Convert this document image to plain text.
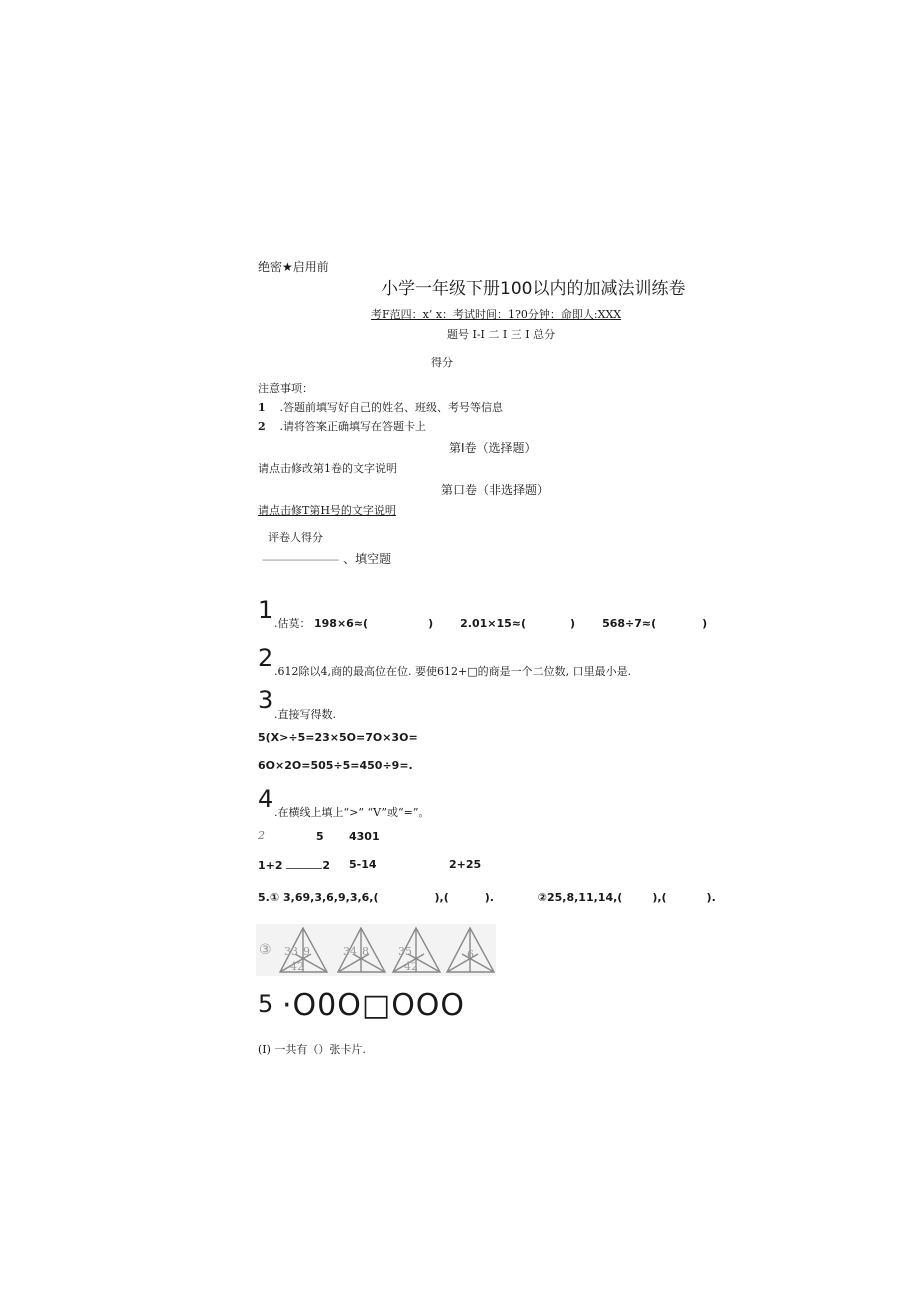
绝密★启用前
小学一年级下册100以内的加减法训练卷
考F范四：x’ x：考试时间：1?0分钟：命即人:XXX
题号 I-I 二 I 三 I 总分
得分
注意事项：
1 .答题前填写好自己的姓名、班级、考号等信息
2 .请将答案正确填写在答题卡上
第I卷（选择题）
请点击修改第1卷的文字说明
第口卷（非选择题）
请点击修T第H号的文字说明
评卷人得分
---------------------------- 、填空题
1 .估莫： 198×6≈(	) 2.01×15≈(	) 568÷7≈(	)
2 .612除以4,商的最高位在位. 要使612+□的商是一个二位数, 口里最小是.
3
.直接写得数.
5(X>÷5=23×5O=7O×3O=
6O×2O=505÷5=450÷9=.
4 .在横线上填上“>” “V”或“=”。
2	5 4301
1+2	2 5-14	2+25
5.① 3,69,3,6,9,3,6,(	),(	).	②25,8,11,14,(	),(	).
③ 33 9
42
34 8	35
42
6
5 ·O0O□OOO
(I) 一共有（）张卡片.
